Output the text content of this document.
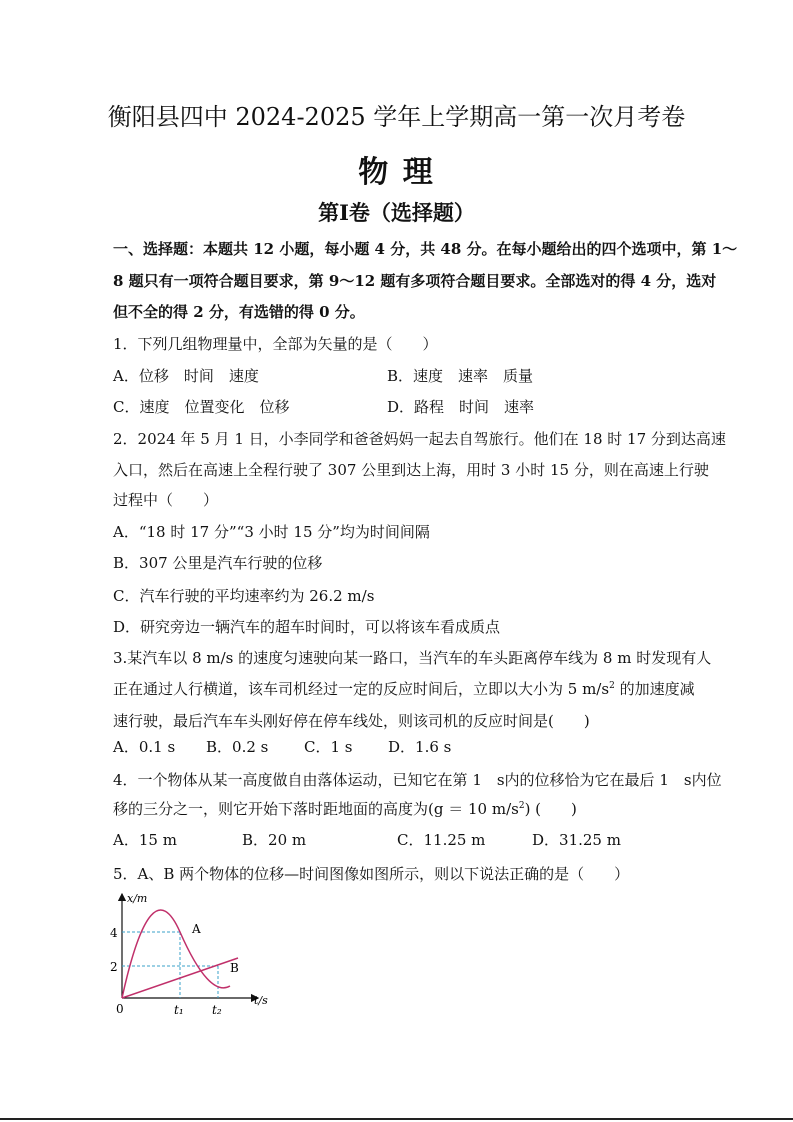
衡阳县四中 2024-2025 学年上学期高一第一次月考卷
物 理
第Ⅰ卷（选择题）
一、选择题：本题共 12 小题，每小题 4 分，共 48 分。在每小题给出的四个选项中，第 1～
8 题只有一项符合题目要求，第 9～12 题有多项符合题目要求。全部选对的得 4 分，选对
但不全的得 2 分，有选错的得 0 分。
1．下列几组物理量中，全部为矢量的是（　　）
A．位移　时间　速度	B．速度　速率　质量
C．速度　位置变化　位移	D．路程　时间　速率
2．2024 年 5 月 1 日，小李同学和爸爸妈妈一起去自驾旅行。他们在 18 时 17 分到达高速
入口，然后在高速上全程行驶了 307 公里到达上海，用时 3 小时 15 分，则在高速上行驶
过程中（　　）
A．“18 时 17 分”“3 小时 15 分”均为时间间隔
B．307 公里是汽车行驶的位移
C．汽车行驶的平均速率约为 26.2 m/s
D．研究旁边一辆汽车的超车时间时，可以将该车看成质点
3.某汽车以 8 m/s 的速度匀速驶向某一路口，当汽车的车头距离停车线为 8 m 时发现有人
正在通过人行横道，该车司机经过一定的反应时间后，立即以大小为 5 $m/s^2$ 的加速度减
速行驶，最后汽车车头刚好停在停车线处，则该司机的反应时间是(　　)
A．0.1 s B．0.2 s C．1 s D．1.6 s
4．一个物体从某一高度做自由落体运动，已知它在第 1　s内的位移恰为它在最后 1　s内位
移的三分之一，则它开始下落时距地面的高度为(g ＝ 10 $m/s^2$) (　　)
A．15 m	B．20 m	C．11.25 m	D．31.25 m
5．A、B 两个物体的位移—时间图像如图所示，则以下说法正确的是（　　）
x/m
t/s
0
4
2
t₁ t₂
A
B
